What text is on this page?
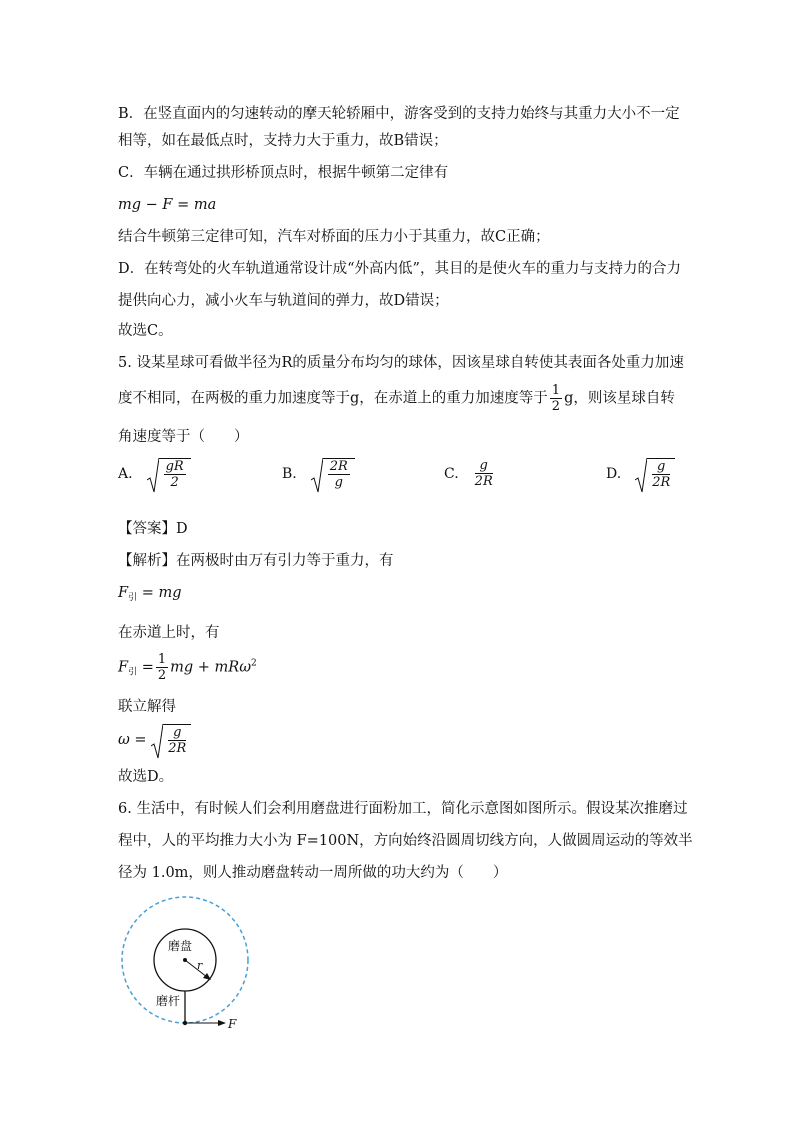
B．在竖直面内的匀速转动的摩天轮轿厢中，游客受到的支持力始终与其重力大小不一定
相等，如在最低点时，支持力大于重力，故B错误；
C．车辆在通过拱形桥顶点时，根据牛顿第二定律有
mg − F = ma
结合牛顿第三定律可知，汽车对桥面的压力小于其重力，故C正确；
D．在转弯处的火车轨道通常设计成“外高内低”，其目的是使火车的重力与支持力的合力
提供向心力，减小火车与轨道间的弹力，故D错误；
故选C。
5. 设某星球可看做半径为R的质量分布均匀的球体，因该星球自转使其表面各处重力加速
度不相同，在两极的重力加速度等于g，在赤道上的重力加速度等于 $\frac{1}{2}$ g，则该星球自转
角速度等于（　　）
A. $\frac{gR}{2}$	B. $\frac{2R}{g}$	C. $\frac{g}{2R}$	D. $\frac{g}{2R}$
【答案】D
【解析】在两极时由万有引力等于重力，有
$F_引$ = mg
在赤道上时，有
$F_引 = \frac{1}{2}$ mg + mRω$^2$
联立解得
$\omega = \frac{g}{2R}$
故选D。
6. 生活中，有时候人们会利用磨盘进行面粉加工，简化示意图如图所示。假设某次推磨过
程中，人的平均推力大小为 F=100N，方向始终沿圆周切线方向，人做圆周运动的等效半
径为 1.0m，则人推动磨盘转动一周所做的功大约为（　　）
磨盘
r
磨杆
F
